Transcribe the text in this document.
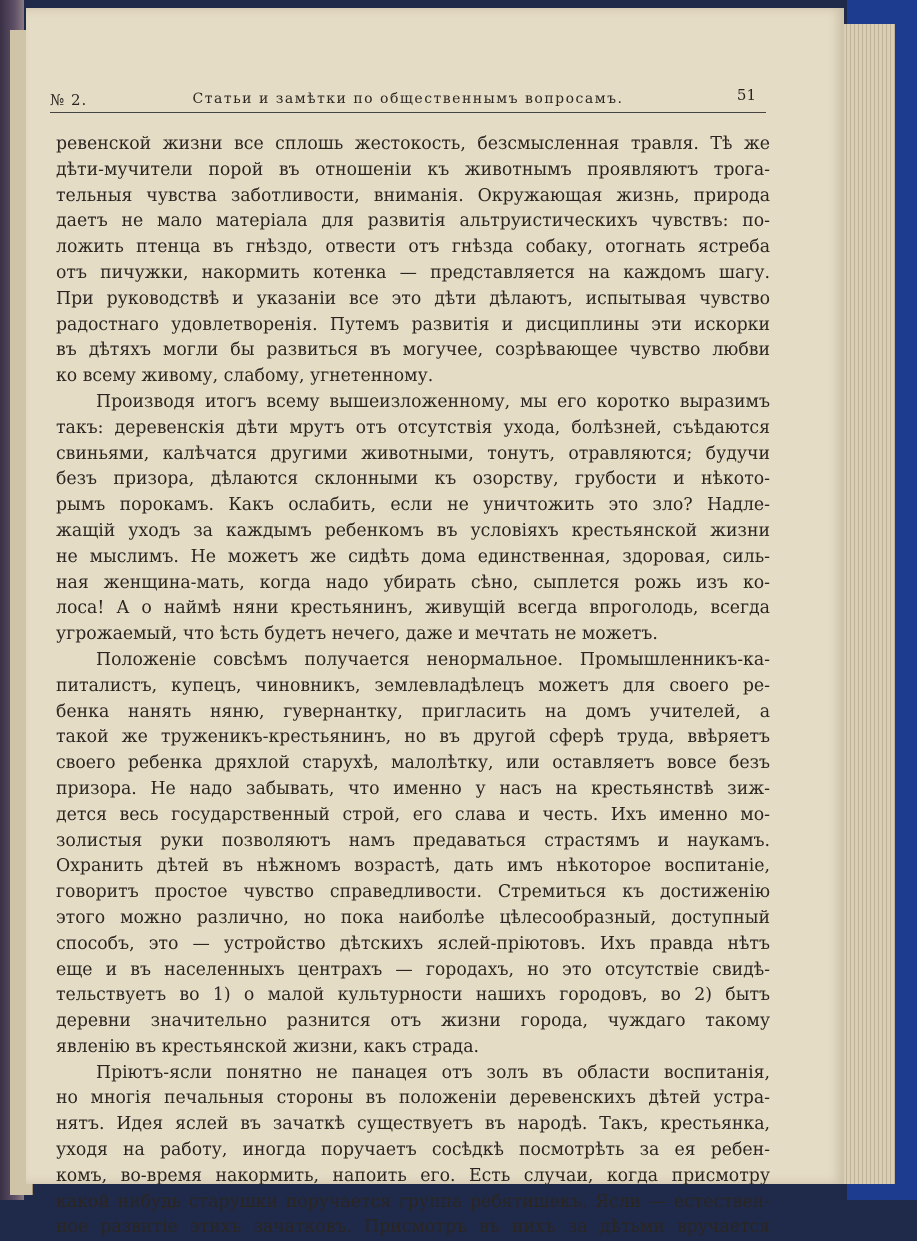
№ 2.	Статьи и замѣтки по общественнымъ вопросамъ.	51
ревенской жизни все сплошь жестокость, безсмысленная травля. Тѣ же
дѣти-мучители порой въ отношеніи къ животнымъ проявляютъ трога-
тельныя чувства заботливости, вниманія. Окружающая жизнь, природа
даетъ не мало матеріала для развитія альтруистическихъ чувствъ: по-
ложить птенца въ гнѣздо, отвести отъ гнѣзда собаку, отогнать ястреба
отъ пичужки, накормить котенка — представляется на каждомъ шагу.
При руководствѣ и указаніи все это дѣти дѣлаютъ, испытывая чувство
радостнаго удовлетворенія. Путемъ развитія и дисциплины эти искорки
въ дѣтяхъ могли бы развиться въ могучее, созрѣвающее чувство любви
ко всему живому, слабому, угнетенному.
Производя итогъ всему вышеизложенному, мы его коротко выразимъ
такъ: деревенскія дѣти мрутъ отъ отсутствія ухода, болѣзней, съѣдаются
свиньями, калѣчатся другими животными, тонутъ, отравляются; будучи
безъ призора, дѣлаются склонными къ озорству, грубости и нѣкото-
рымъ порокамъ. Какъ ослабить, если не уничтожить это зло? Надле-
жащій уходъ за каждымъ ребенкомъ въ условіяхъ крестьянской жизни
не мыслимъ. Не можетъ же сидѣть дома единственная, здоровая, силь-
ная женщина-мать, когда надо убирать сѣно, сыплется рожь изъ ко-
лоса! А о наймѣ няни крестьянинъ, живущій всегда впроголодь, всегда
угрожаемый, что ѣсть будетъ нечего, даже и мечтать не можетъ.
Положеніе совсѣмъ получается ненормальное. Промышленникъ-ка-
питалистъ, купецъ, чиновникъ, землевладѣлецъ можетъ для своего ре-
бенка нанять няню, гувернантку, пригласить на домъ учителей, а
такой же труженикъ-крестьянинъ, но въ другой сферѣ труда, ввѣряетъ
своего ребенка дряхлой старухѣ, малолѣтку, или оставляетъ вовсе безъ
призора. Не надо забывать, что именно у насъ на крестьянствѣ зиж-
дется весь государственный строй, его слава и честь. Ихъ именно мо-
золистыя руки позволяютъ намъ предаваться страстямъ и наукамъ.
Охранить дѣтей въ нѣжномъ возрастѣ, дать имъ нѣкоторое воспитаніе,
говоритъ простое чувство справедливости. Стремиться къ достиженію
этого можно различно, но пока наиболѣе цѣлесообразный, доступный
способъ, это — устройство дѣтскихъ яслей-пріютовъ. Ихъ правда нѣтъ
еще и въ населенныхъ центрахъ — городахъ, но это отсутствіе свидѣ-
тельствуетъ во 1) о малой культурности нашихъ городовъ, во 2) бытъ
деревни значительно разнится отъ жизни города, чуждаго такому
явленію въ крестьянской жизни, какъ страда.
Пріютъ-ясли понятно не панацея отъ золъ въ области воспитанія,
но многія печальныя стороны въ положеніи деревенскихъ дѣтей устра-
нятъ. Идея яслей въ зачаткѣ существуетъ въ народѣ. Такъ, крестьянка,
уходя на работу, иногда поручаетъ сосѣдкѣ посмотрѣть за ея ребен-
комъ, во-время накормить, напоить его. Есть случаи, когда присмотру
какой нибудь старушки поручается группа ребятишекъ. Ясли — естествен-
ное развитіе этихъ зачатковъ. Присмотръ въ нихъ за дѣтьми вручается
